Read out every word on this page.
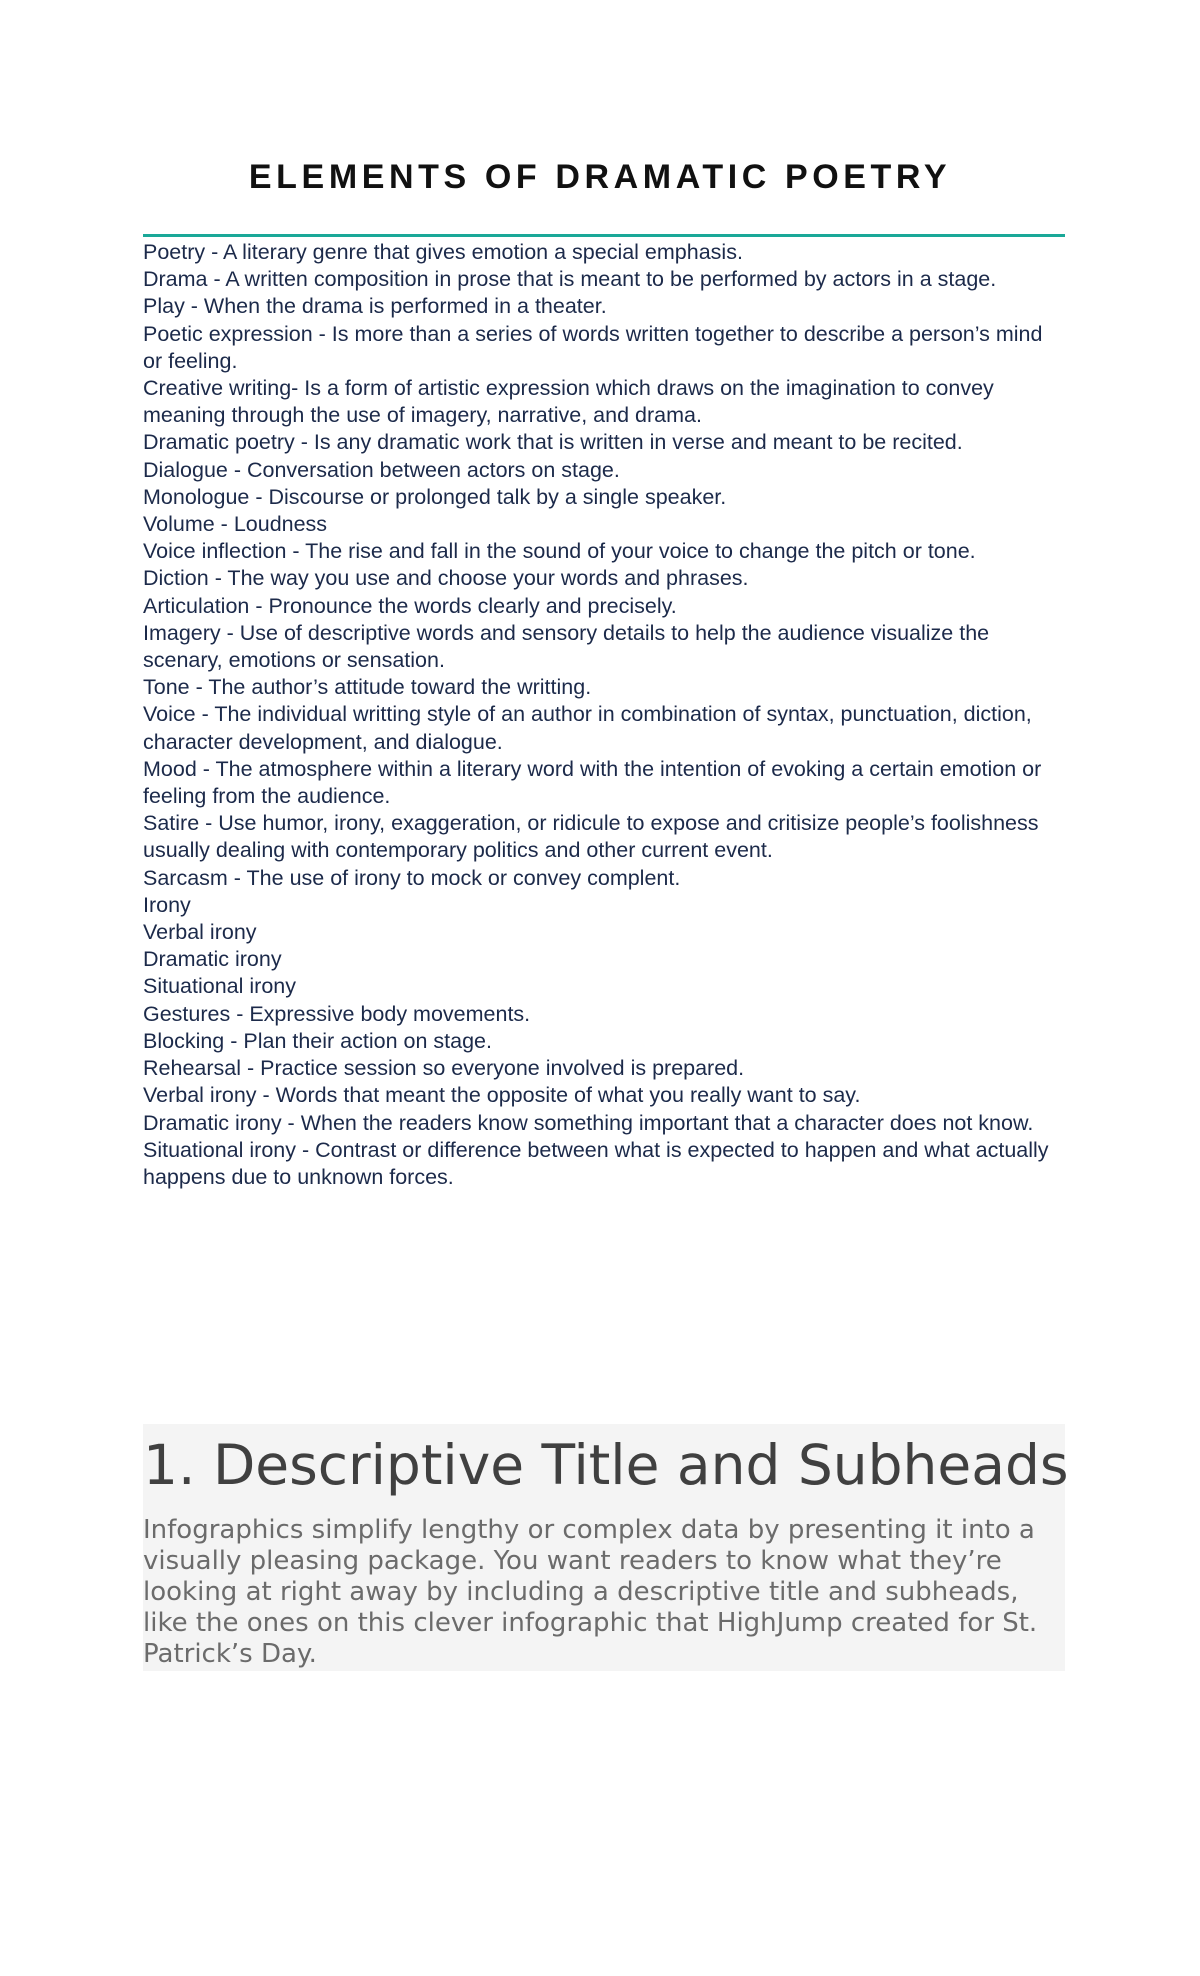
ELEMENTS OF DRAMATIC POETRY
Poetry - A literary genre that gives emotion a special emphasis.
Drama - A written composition in prose that is meant to be performed by actors in a stage.
Play - When the drama is performed in a theater.
Poetic expression - Is more than a series of words written together to describe a person’s mind or feeling.
Creative writing- Is a form of artistic expression which draws on the imagination to convey meaning through the use of imagery, narrative, and drama.
Dramatic poetry - Is any dramatic work that is written in verse and meant to be recited.
Dialogue - Conversation between actors on stage.
Monologue - Discourse or prolonged talk by a single speaker.
Volume - Loudness
Voice inflection - The rise and fall in the sound of your voice to change the pitch or tone.
Diction - The way you use and choose your words and phrases.
Articulation - Pronounce the words clearly and precisely.
Imagery - Use of descriptive words and sensory details to help the audience visualize the scenary, emotions or sensation.
Tone - The author’s attitude toward the writting.
Voice - The individual writting style of an author in combination of syntax, punctuation, diction, character development, and dialogue.
Mood - The atmosphere within a literary word with the intention of evoking a certain emotion or feeling from the audience.
Satire - Use humor, irony, exaggeration, or ridicule to expose and critisize people’s foolishness usually dealing with contemporary politics and other current event.
Sarcasm - The use of irony to mock or convey complent.
Irony
Verbal irony
Dramatic irony
Situational irony
Gestures - Expressive body movements.
Blocking - Plan their action on stage.
Rehearsal - Practice session so everyone involved is prepared.
Verbal irony - Words that meant the opposite of what you really want to say.
Dramatic irony - When the readers know something important that a character does not know.
Situational irony - Contrast or difference between what is expected to happen and what actually happens due to unknown forces.
1. Descriptive Title and Subheads

Infographics simplify lengthy or complex data by presenting it into a visually pleasing package. You want readers to know what they’re looking at right away by including a descriptive title and subheads, like the ones on this clever infographic that HighJump created for St. Patrick’s Day.
